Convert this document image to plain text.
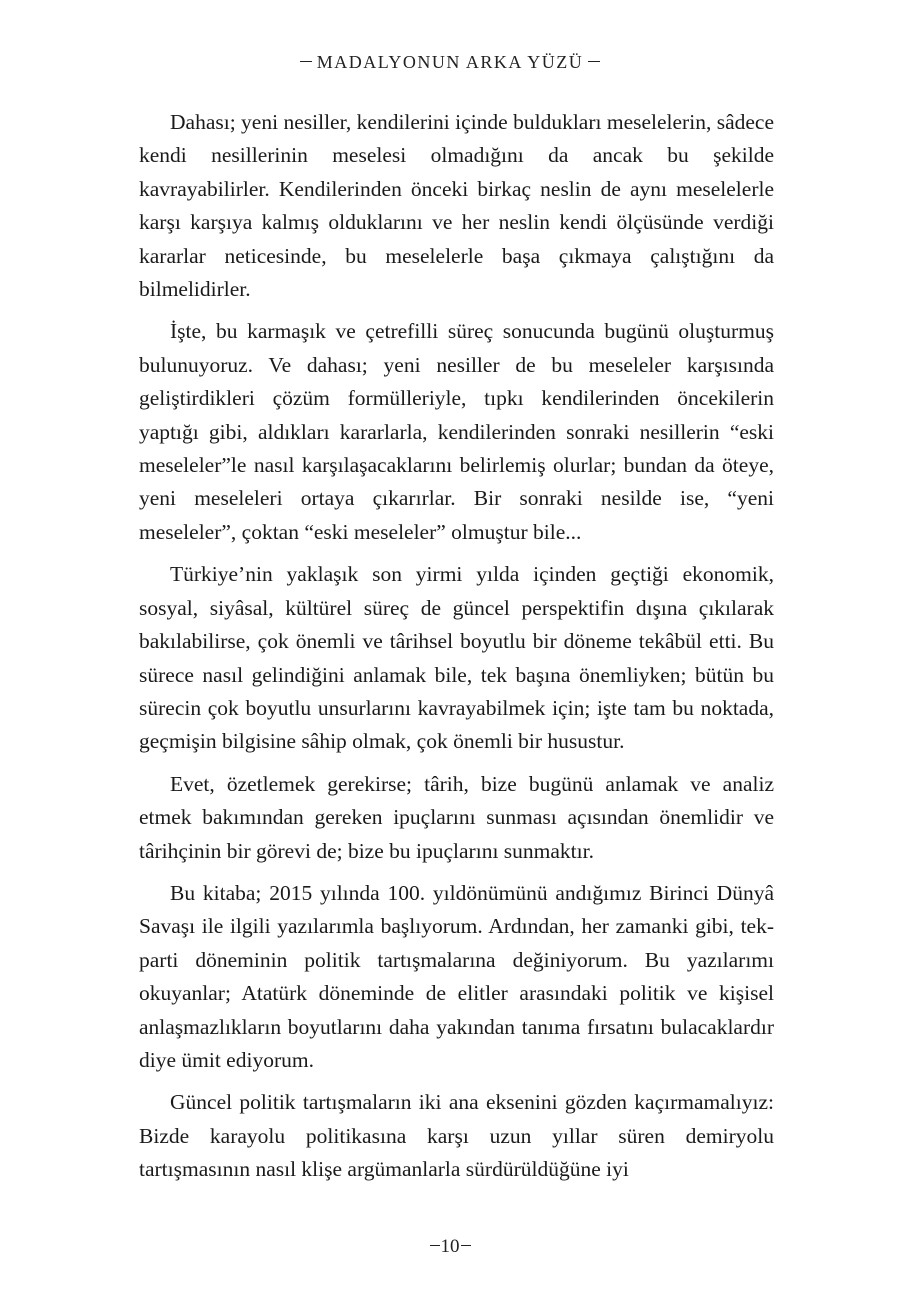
MADALYONUN ARKA YÜZÜ

Dahası; yeni nesiller, kendilerini içinde buldukları meselelerin, sâdece kendi nesillerinin meselesi olmadığını da ancak bu şekilde kavrayabilirler. Kendilerinden önceki birkaç neslin de aynı meselelerle karşı karşıya kalmış olduklarını ve her neslin kendi ölçüsünde verdiği kararlar neticesinde, bu meselelerle başa çıkmaya çalıştığını da bilmelidirler.

İşte, bu karmaşık ve çetrefilli süreç sonucunda bugünü oluşturmuş bulunuyoruz. Ve dahası; yeni nesiller de bu meseleler karşısında geliştirdikleri çözüm formülleriyle, tıpkı kendilerinden öncekilerin yaptığı gibi, aldıkları kararlarla, kendilerinden sonraki nesillerin “eski meseleler”le nasıl karşılaşacaklarını belirlemiş olurlar; bundan da öteye, yeni meseleleri ortaya çıkarırlar. Bir sonraki nesilde ise, “yeni meseleler”, çoktan “eski meseleler” olmuştur bile...

Türkiye’nin yaklaşık son yirmi yılda içinden geçtiği ekonomik, sosyal, siyâsal, kültürel süreç de güncel perspektifin dışına çıkılarak bakılabilirse, çok önemli ve târihsel boyutlu bir döneme tekâbül etti. Bu sürece nasıl gelindiğini anlamak bile, tek başına önemliyken; bütün bu sürecin çok boyutlu unsurlarını kavrayabilmek için; işte tam bu noktada, geçmişin bilgisine sâhip olmak, çok önemli bir husustur.

Evet, özetlemek gerekirse; târih, bize bugünü anlamak ve analiz etmek bakımından gereken ipuçlarını sunması açısından önemlidir ve târihçinin bir görevi de; bize bu ipuçlarını sunmaktır.

Bu kitaba; 2015 yılında 100. yıldönümünü andığımız Birinci Dünyâ Savaşı ile ilgili yazılarımla başlıyorum. Ardından, her zamanki gibi, tek-parti döneminin politik tartışmalarına değiniyorum. Bu yazılarımı okuyanlar; Atatürk döneminde de elitler arasındaki politik ve kişisel anlaşmazlıkların boyutlarını daha yakından tanıma fırsatını bulacaklardır diye ümit ediyorum.

Güncel politik tartışmaların iki ana eksenini gözden kaçırmamalıyız: Bizde karayolu politikasına karşı uzun yıllar süren demiryolu tartışmasının nasıl klişe argümanlarla sürdürüldüğüne iyi

10
